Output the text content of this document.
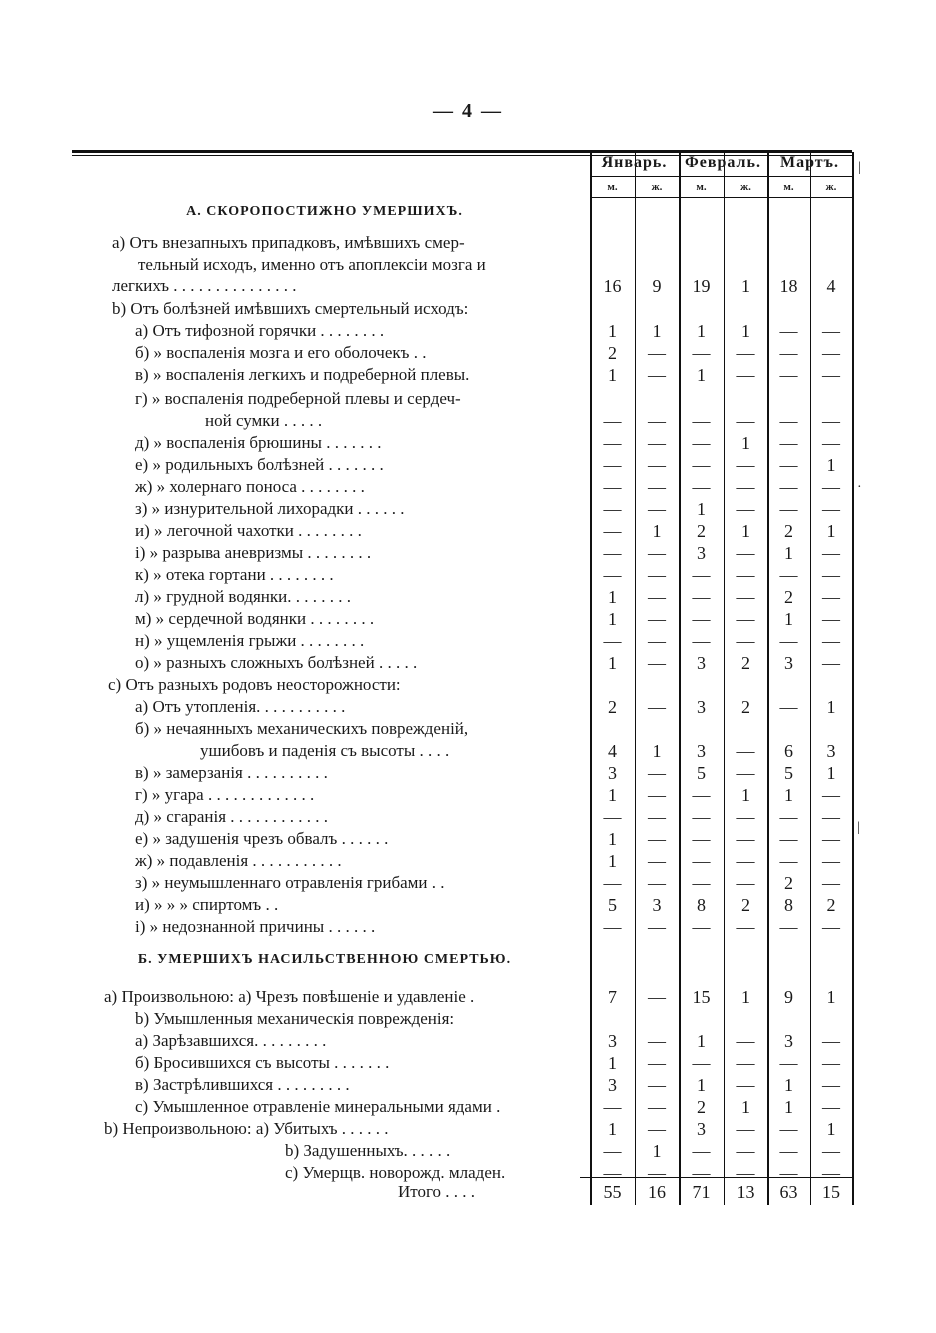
— 4 —
Январь.	Февраль.	Мартъ.
м.	ж.	м.	ж.	м.	ж.
А. СКОРОПОСТИЖНО УМЕРШИХЪ.
Б. УМЕРШИХЪ НАСИЛЬСТВЕННОЮ СМЕРТЬЮ.
a) Отъ внезапныхъ припадковъ, имѣвшихъ смер-
тельный исходъ, именно отъ апоплексіи мозга и
легкихъ . . . . . . . . . . . . . . .	16	9	19	1	18	4
b) Отъ болѣзней имѣвшихъ смертельный исходъ:
а) Отъ тифозной горячки . . . . . . . .	1	1	1	1	—	—
б) » воспаленія мозга и его оболочекъ . .	2	—	—	—	—	—
в) » воспаленія легкихъ и подреберной плевы.	1	—	1	—	—	—
г) » воспаленія подреберной плевы и сердеч-
ной сумки . . . . .	—	—	—	—	—	—
д) » воспаленія брюшины . . . . . . .	—	—	—	1	—	—
е) » родильныхъ болѣзней . . . . . . .	—	—	—	—	—	1
ж) » холернаго поноса . . . . . . . .	—	—	—	—	—	—
з) » изнурительной лихорадки . . . . . .	—	—	1	—	—	—
и) » легочной чахотки . . . . . . . .	—	1	2	1	2	1
і) » разрыва аневризмы . . . . . . . .	—	—	3	—	1	—
к) » отека гортани . . . . . . . .	—	—	—	—	—	—
л) » грудной водянки. . . . . . . .	1	—	—	—	2	—
м) » сердечной водянки . . . . . . . .	1	—	—	—	1	—
н) » ущемленія грыжи . . . . . . . .	—	—	—	—	—	—
о) » разныхъ сложныхъ болѣзней . . . . .	1	—	3	2	3	—
c) Отъ разныхъ родовъ неосторожности:
а) Отъ утопленія. . . . . . . . . . .	2	—	3	2	—	1
б) » нечаянныхъ механическихъ поврежденій,
ушибовъ и паденія съ высоты . . . .	4	1	3	—	6	3
в) » замерзанія . . . . . . . . . .	3	—	5	—	5	1
г) » угара . . . . . . . . . . . . .	1	—	—	1	1	—
д) » сгаранія . . . . . . . . . . . .	—	—	—	—	—	—
е) » задушенія чрезъ обвалъ . . . . . .	1	—	—	—	—	—
ж) » подавленія . . . . . . . . . . .	1	—	—	—	—	—
з) » неумышленнаго отравленія грибами . .	—	—	—	—	2	—
и) » » » спиртомъ . .	5	3	8	2	8	2
і) » недознанной причины . . . . . .	—	—	—	—	—	—
a) Произвольною: а) Чрезъ повѣшеніе и удавленіе .	7	—	15	1	9	1
b) Умышленныя механическія поврежденія:
а) Зарѣзавшихся. . . . . . . . .	3	—	1	—	3	—
б) Бросившихся съ высоты . . . . . . .	1	—	—	—	—	—
в) Застрѣлившихся . . . . . . . . .	3	—	1	—	1	—
c) Умышленное отравленіе минеральными ядами .	—	—	2	1	1	—
b) Непроизвольною: а) Убитыхъ . . . . . .	1	—	3	—	—	1
b) Задушенныхъ. . . . . .	—	1	—	—	—	—
c) Умерщв. новорожд. младен.	—	—	—	—	—	—
Итого . . . .	55	16	71	13	63	15
|
·
|
